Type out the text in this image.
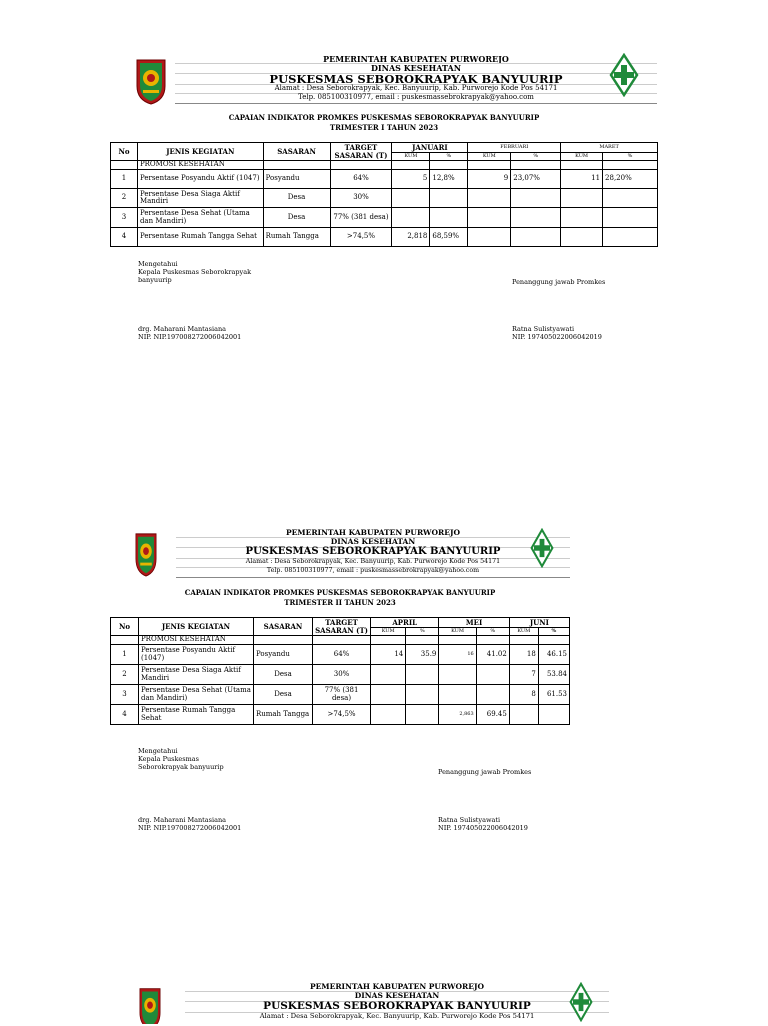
PEMERINTAH KABUPATEN PURWOREJO
DINAS KESEHATAN
PUSKESMAS SEBOROKRAPYAK BANYUURIP
Alamat : Desa Seborokrapyak, Kec. Banyuurip, Kab. Purworejo Kode Pos 54171
Telp. 085100310977, email : puskesmassebrokrapyak@yahoo.com
CAPAIAN INDIKATOR PROMKES PUSKESMAS SEBOROKRAPYAK BANYUURIP
TRIMESTER I TAHUN 2023
No	JENIS KEGIATAN	SASARAN	TARGET SASARAN (T)	JANUARI		FEBRUARI		MARET	
				KUM	%	KUM	%	KUM	%
	PROMOSI KESEHATAN								
1	Persentase Posyandu Aktif (1047)	Posyandu	64%	5	12,8%	9	23,07%	11	28,20%
2	Persentase Desa Siaga Aktif Mandiri	Desa	30%						
3	Persentase Desa Sehat (Utama dan Mandiri)	Desa	77% (381 desa)						
4	Persentase Rumah Tangga Sehat	Rumah Tangga	>74,5%	2,818	68,59%				
Mengetahui
Kepala Puskesmas Seborokrapyak
banyuurip	Penanggung jawab Promkes
drg. Maharani Mantasiana
NIP. NIP.197008272006042001
Ratna Sulistyawati
NIP. 197405022006042019
PEMERINTAH KABUPATEN PURWOREJO
DINAS KESEHATAN
PUSKESMAS SEBOROKRAPYAK BANYUURIP
Alamat : Desa Seborokrapyak, Kec. Banyuurip, Kab. Purworejo Kode Pos 54171
Telp. 085100310977, email : puskesmassebrokrapyak@yahoo.com
CAPAIAN INDIKATOR PROMKES PUSKESMAS SEBOROKRAPYAK BANYUURIP
TRIMESTER II TAHUN 2023
No	JENIS KEGIATAN	SASARAN	TARGET SASARAN (T)	APRIL		MEI		JUNI	
				KUM	%	KUM	%	KUM	%
	PROMOSI KESEHATAN								
1	Persentase Posyandu Aktif (1047)	Posyandu	64%	14	35.9	16	41.02	18	46.15
2	Persentase Desa Siaga Aktif Mandiri	Desa	30%					7	53.84
3	Persentase Desa Sehat (Utama dan Mandiri)	Desa	77% (381 desa)					8	61.53
4	Persentase Rumah Tangga Sehat	Rumah Tangga	>74,5%			2,863	69.45		
Mengetahui
Kepala Puskesmas
Seborokrapyak banyuurip
Penanggung jawab Promkes
drg. Maharani Mantasiana
NIP. NIP.197008272006042001
Ratna Sulistyawati
NIP. 197405022006042019
PEMERINTAH KABUPATEN PURWOREJO
DINAS KESEHATAN
PUSKESMAS SEBOROKRAPYAK BANYUURIP
Alamat : Desa Seborokrapyak, Kec. Banyuurip, Kab. Purworejo Kode Pos 54171
